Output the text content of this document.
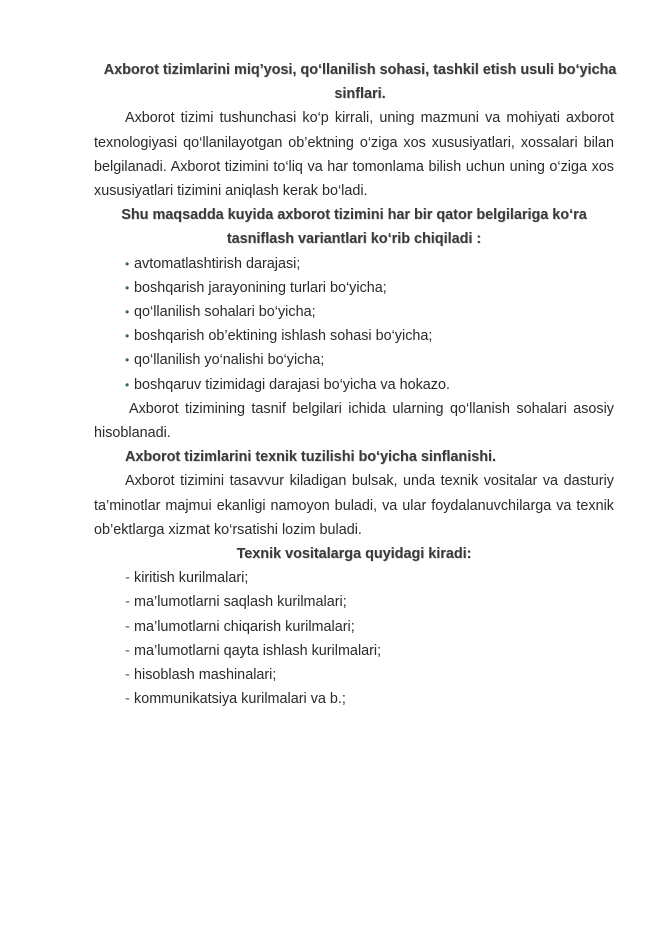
Axborot tizimlarini miq’yosi, qo‘llanilish sohasi, tashkil etish usuli bo‘yicha sinflari.

Axborot tizimi tushunchasi ko‘p kirrali, uning mazmuni va mohiyati axborot texnologiyasi qo‘llanilayotgan ob’ektning o‘ziga xos xususiyatlari, xossalari bilan belgilanadi. Axborot tizimini to‘liq va har tomonlama bilish uchun uning o‘ziga xos xususiyatlari tizimini aniqlash kerak bo‘ladi.

Shu maqsadda kuyida axborot tizimini har bir qator belgilariga ko‘ra tasniflash variantlari ko‘rib chiqiladi :

• avtomatlashtirish darajasi;
• boshqarish jarayonining turlari bo‘yicha;
• qo‘llanilish sohalari bo‘yicha;
• boshqarish ob’ektining ishlash sohasi bo‘yicha;
• qo‘llanilish yo‘nalishi bo‘yicha;
• boshqaruv tizimidagi darajasi bo‘yicha va hokazo.

Axborot tizimining tasnif belgilari ichida ularning qo‘llanish sohalari asosiy hisoblanadi.

Axborot tizimlarini texnik tuzilishi bo‘yicha sinflanishi.

Axborot tizimini tasavvur kiladigan bulsak, unda texnik vositalar va dasturiy ta’minotlar majmui ekanligi namoyon buladi, va ular foydalanuvchilarga va texnik ob’ektlarga xizmat ko‘rsatishi lozim buladi.

Texnik vositalarga quyidagi kiradi:

- kiritish kurilmalari;
- ma’lumotlarni saqlash kurilmalari;
- ma’lumotlarni chiqarish kurilmalari;
- ma’lumotlarni qayta ishlash kurilmalari;
- hisoblash mashinalari;
- kommunikatsiya kurilmalari va b.;
